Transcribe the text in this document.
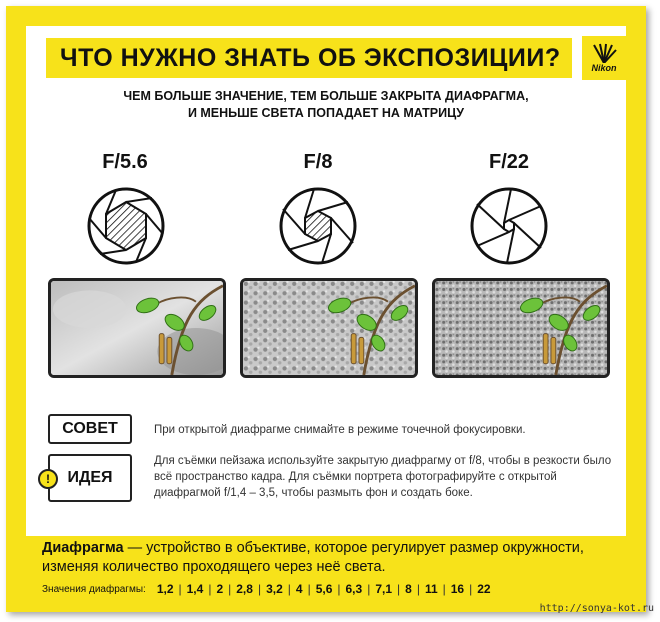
ЧТО НУЖНО ЗНАТЬ ОБ ЭКСПОЗИЦИИ?	Nikon
ЧЕМ БОЛЬШЕ ЗНАЧЕНИЕ, ТЕМ БОЛЬШЕ ЗАКРЫТА ДИАФРАГМА,
И МЕНЬШЕ СВЕТА ПОПАДАЕТ НА МАТРИЦУ
F/5.6	F/8	F/22
СОВЕТ	При открытой диафрагме снимайте в режиме точечной фокусировки.
!	ИДЕЯ
Для съёмки пейзажа используйте закрытую диафрагму от f/8, чтобы в резкости было всё пространство кадра. Для съёмки портрета фотографируйте с открытой диафрагмой f/1,4 – 3,5, чтобы размыть фон и создать боке.
Диафрагма — устройство в объективе, которое регулирует размер окружности, изменяя количество проходящего через неё света.
Значения диафрагмы: 1,2 | 1,4 | 2 | 2,8 | 3,2 | 4 | 5,6 | 6,3 | 7,1 | 8 | 11 | 16 | 22
http://sonya-kot.ru
